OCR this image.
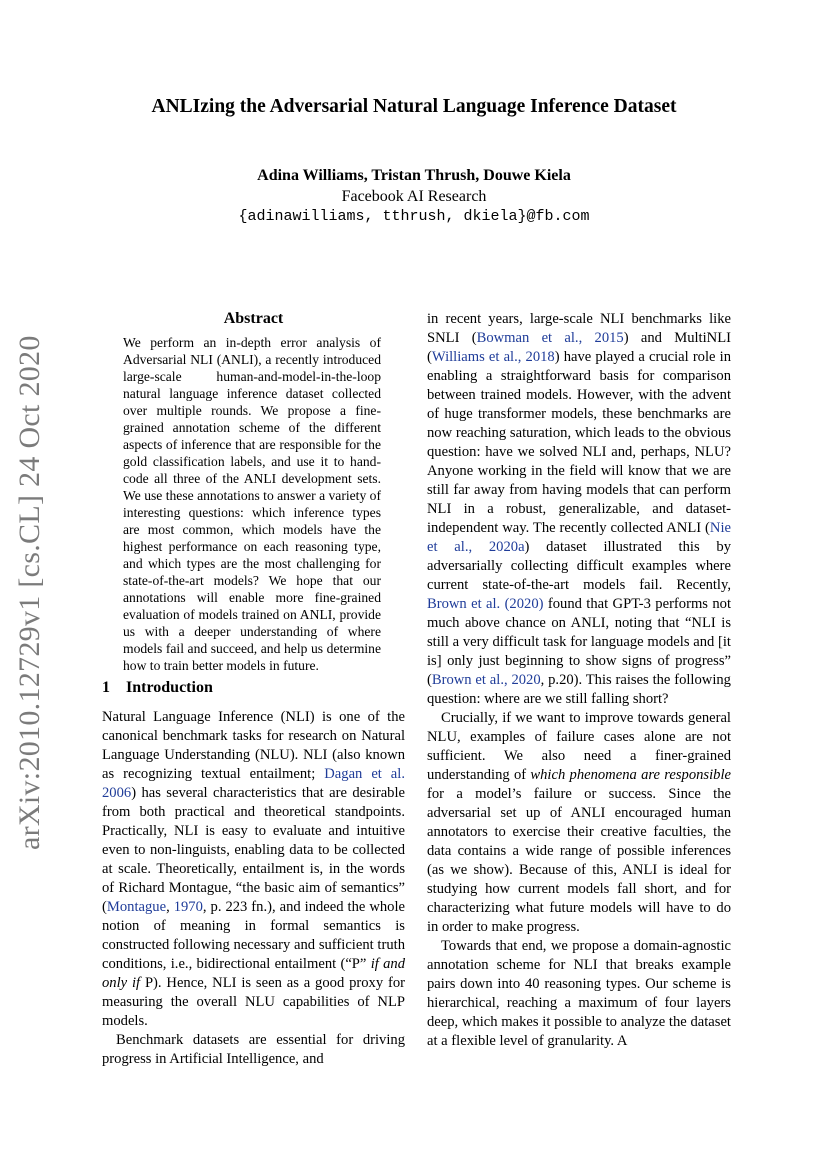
ANLIzing the Adversarial Natural Language Inference Dataset
Adina Williams, Tristan Thrush, Douwe Kiela
Facebook AI Research
{adinawilliams, tthrush, dkiela}@fb.com
arXiv:2010.12729v1 [cs.CL] 24 Oct 2020
Abstract

We perform an in-depth error analysis of Adversarial NLI (ANLI), a recently introduced large-scale human-and-model-in-the-loop natural language inference dataset collected over multiple rounds. We propose a fine-grained annotation scheme of the different aspects of inference that are responsible for the gold classification labels, and use it to hand-code all three of the ANLI development sets. We use these annotations to answer a variety of interesting questions: which inference types are most common, which models have the highest performance on each reasoning type, and which types are the most challenging for state-of-the-art models? We hope that our annotations will enable more fine-grained evaluation of models trained on ANLI, provide us with a deeper understanding of where models fail and succeed, and help us determine how to train better models in future.

1 Introduction

Natural Language Inference (NLI) is one of the canonical benchmark tasks for research on Natural Language Understanding (NLU). NLI (also known as recognizing textual entailment; Dagan et al. 2006) has several characteristics that are desirable from both practical and theoretical standpoints. Practically, NLI is easy to evaluate and intuitive even to non-linguists, enabling data to be collected at scale. Theoretically, entailment is, in the words of Richard Montague, “the basic aim of semantics” (Montague, 1970, p. 223 fn.), and indeed the whole notion of meaning in formal semantics is constructed following necessary and sufficient truth conditions, i.e., bidirectional entailment (“P” if and only if P). Hence, NLI is seen as a good proxy for measuring the overall NLU capabilities of NLP models.

Benchmark datasets are essential for driving progress in Artificial Intelligence, and

in recent years, large-scale NLI benchmarks like SNLI (Bowman et al., 2015) and MultiNLI (Williams et al., 2018) have played a crucial role in enabling a straightforward basis for comparison between trained models. However, with the advent of huge transformer models, these benchmarks are now reaching saturation, which leads to the obvious question: have we solved NLI and, perhaps, NLU? Anyone working in the field will know that we are still far away from having models that can perform NLI in a robust, generalizable, and dataset-independent way. The recently collected ANLI (Nie et al., 2020a) dataset illustrated this by adversarially collecting difficult examples where current state-of-the-art models fail. Recently, Brown et al. (2020) found that GPT-3 performs not much above chance on ANLI, noting that “NLI is still a very difficult task for language models and [it is] only just beginning to show signs of progress” (Brown et al., 2020, p.20). This raises the following question: where are we still falling short?

Crucially, if we want to improve towards general NLU, examples of failure cases alone are not sufficient. We also need a finer-grained understanding of which phenomena are responsible for a model’s failure or success. Since the adversarial set up of ANLI encouraged human annotators to exercise their creative faculties, the data contains a wide range of possible inferences (as we show). Because of this, ANLI is ideal for studying how current models fall short, and for characterizing what future models will have to do in order to make progress.

Towards that end, we propose a domain-agnostic annotation scheme for NLI that breaks example pairs down into 40 reasoning types. Our scheme is hierarchical, reaching a maximum of four layers deep, which makes it possible to analyze the dataset at a flexible level of granularity. A
